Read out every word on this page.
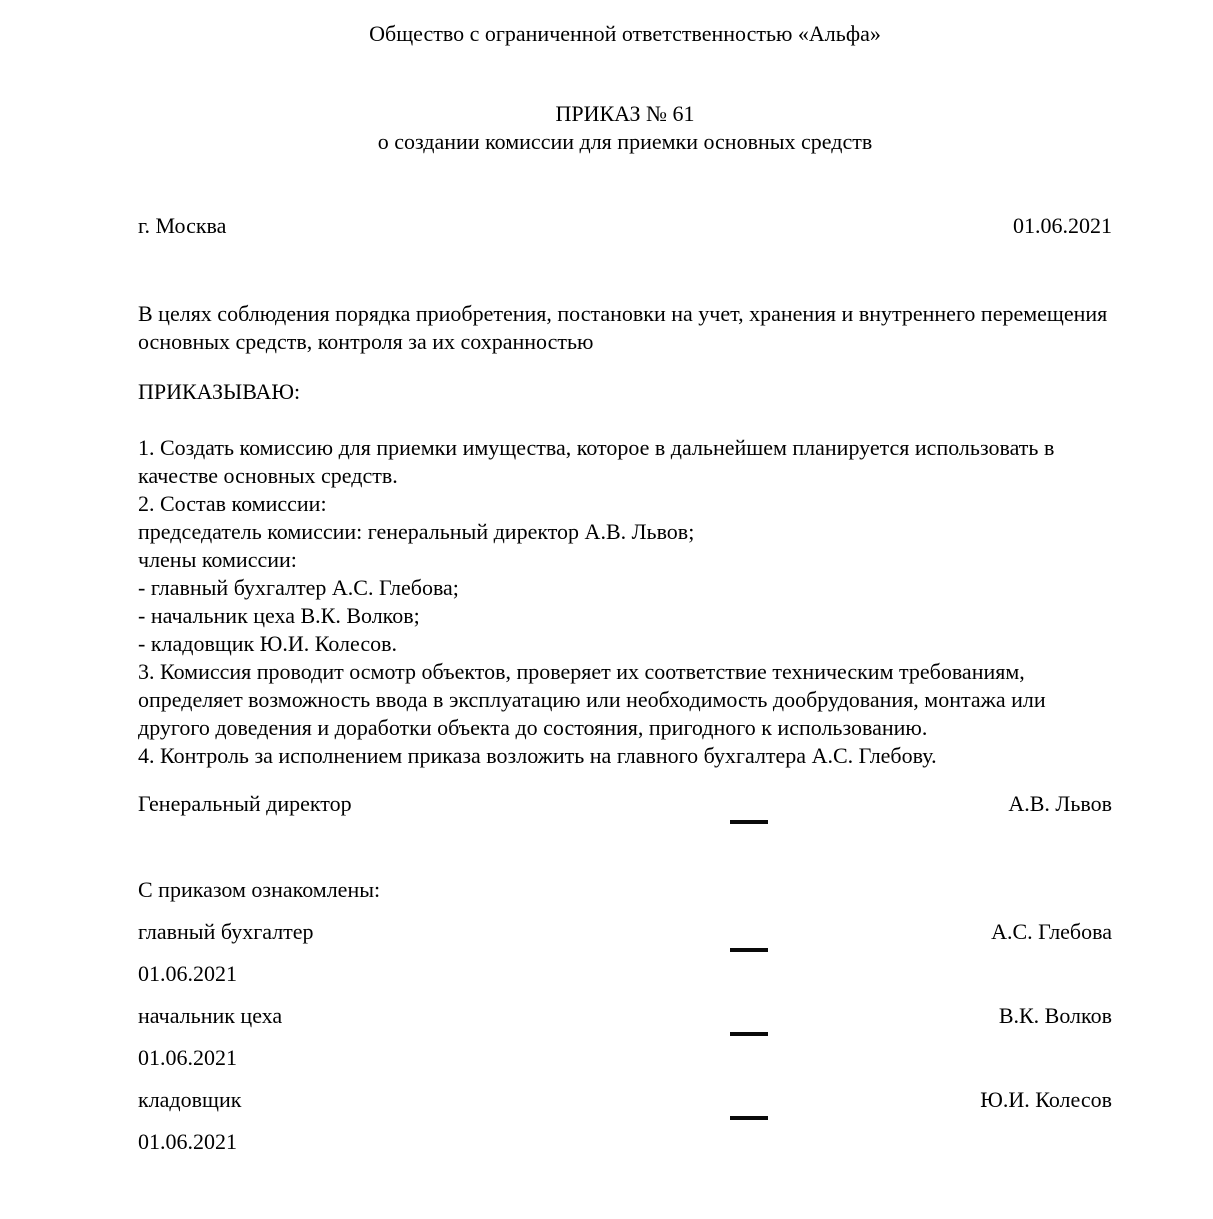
Общество с ограниченной ответственностью «Альфа»
ПРИКАЗ № 61
о создании комиссии для приемки основных средств
г. Москва	01.06.2021

В целях соблюдения порядка приобретения, постановки на учет, хранения и внутреннего перемещения основных средств, контроля за их сохранностью

ПРИКАЗЫВАЮ:
1. Создать комиссию для приемки имущества, которое в дальнейшем планируется использовать в качестве основных средств.
2. Состав комиссии:
председатель комиссии: генеральный директор А.В. Львов;
члены комиссии:
- главный бухгалтер А.С. Глебова;
- начальник цеха В.К. Волков;
- кладовщик Ю.И. Колесов.
3. Комиссия проводит осмотр объектов, проверяет их соответствие техническим требованиям, определяет возможность ввода в эксплуатацию или необходимость дообрудования, монтажа или другого доведения и доработки объекта до состояния, пригодного к использованию.
4. Контроль за исполнением приказа возложить на главного бухгалтера А.С. Глебову.
Генеральный директор	А.В. Львов
С приказом ознакомлены:
главный бухгалтер	А.С. Глебова
01.06.2021
начальник цеха	В.К. Волков
01.06.2021
кладовщик	Ю.И. Колесов
01.06.2021
